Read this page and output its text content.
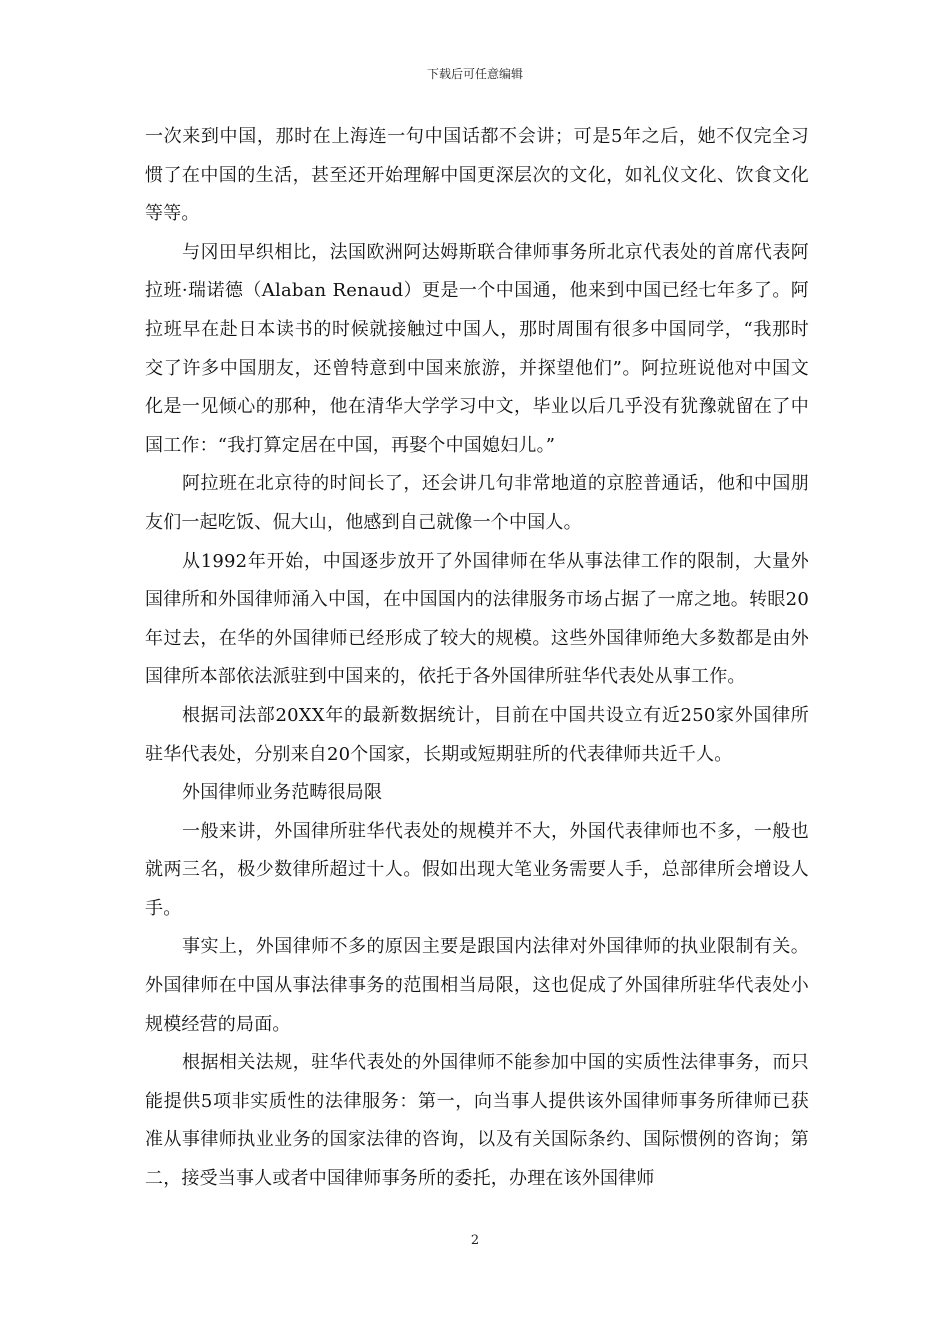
下载后可任意编辑

一次来到中国，那时在上海连一句中国话都不会讲；可是5年之后，她不仅完全习惯了在中国的生活，甚至还开始理解中国更深层次的文化，如礼仪文化、饮食文化等等。

与冈田早织相比，法国欧洲阿达姆斯联合律师事务所北京代表处的首席代表阿拉班·瑞诺德（Alaban Renaud）更是一个中国通，他来到中国已经七年多了。阿拉班早在赴日本读书的时候就接触过中国人，那时周围有很多中国同学，“我那时交了许多中国朋友，还曾特意到中国来旅游，并探望他们”。阿拉班说他对中国文化是一见倾心的那种，他在清华大学学习中文，毕业以后几乎没有犹豫就留在了中国工作：“我打算定居在中国，再娶个中国媳妇儿。”

阿拉班在北京待的时间长了，还会讲几句非常地道的京腔普通话，他和中国朋友们一起吃饭、侃大山，他感到自己就像一个中国人。

从1992年开始，中国逐步放开了外国律师在华从事法律工作的限制，大量外国律所和外国律师涌入中国，在中国国内的法律服务市场占据了一席之地。转眼20年过去，在华的外国律师已经形成了较大的规模。这些外国律师绝大多数都是由外国律所本部依法派驻到中国来的，依托于各外国律所驻华代表处从事工作。

根据司法部20XX年的最新数据统计，目前在中国共设立有近250家外国律所驻华代表处，分别来自20个国家，长期或短期驻所的代表律师共近千人。

外国律师业务范畴很局限

一般来讲，外国律所驻华代表处的规模并不大，外国代表律师也不多，一般也就两三名，极少数律所超过十人。假如出现大笔业务需要人手，总部律所会增设人手。

事实上，外国律师不多的原因主要是跟国内法律对外国律师的执业限制有关。外国律师在中国从事法律事务的范围相当局限，这也促成了外国律所驻华代表处小规模经营的局面。

根据相关法规，驻华代表处的外国律师不能参加中国的实质性法律事务，而只能提供5项非实质性的法律服务：第一，向当事人提供该外国律师事务所律师已获准从事律师执业业务的国家法律的咨询，以及有关国际条约、国际惯例的咨询；第二，接受当事人或者中国律师事务所的委托，办理在该外国律师

2
